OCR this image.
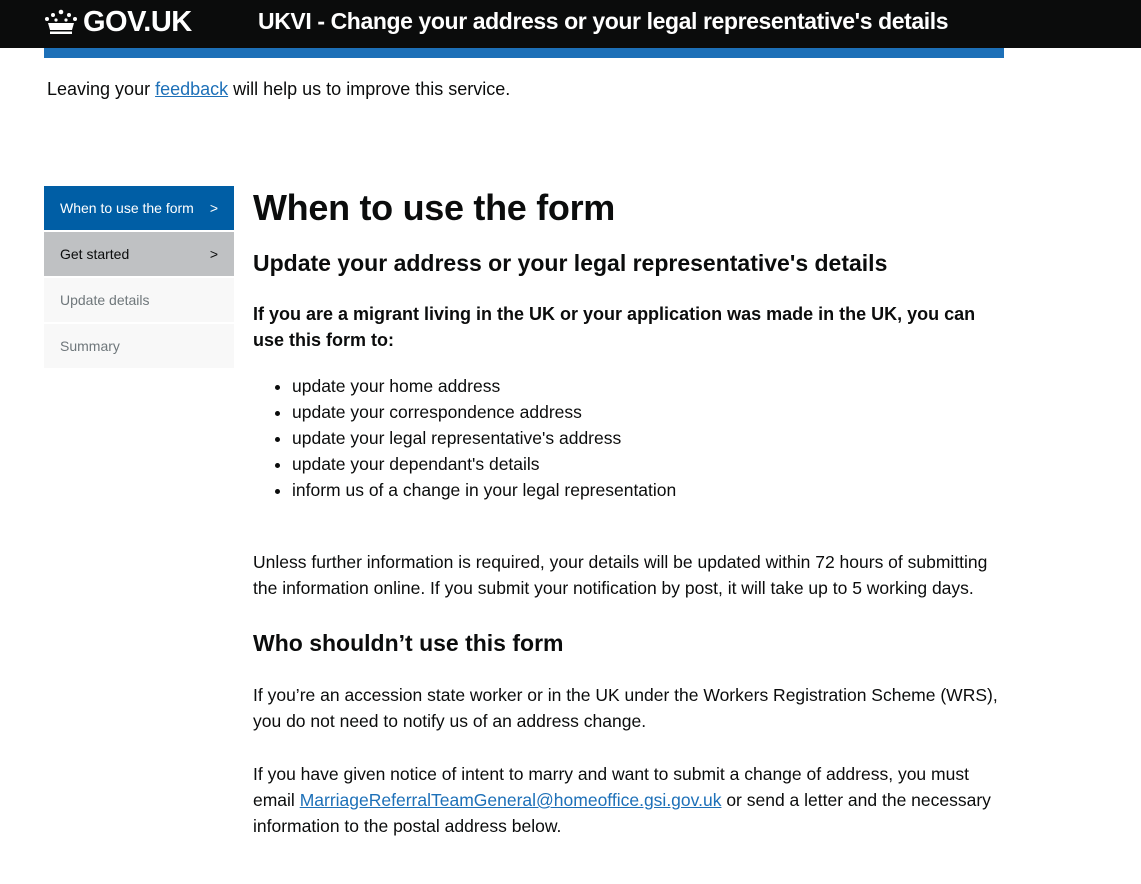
GOV.UK	UKVI - Change your address or your legal representative's details
Leaving your feedback will help us to improve this service.
When to use the form >
Get started	>
Update details
Summary
When to use the form
Update your address or your legal representative's details

If you are a migrant living in the UK or your application was made in the UK, you can use this form to:

• update your home address
• update your correspondence address
• update your legal representative's address
• update your dependant's details
• inform us of a change in your legal representation

Unless further information is required, your details will be updated within 72 hours of submitting the information online. If you submit your notification by post, it will take up to 5 working days.

Who shouldn’t use this form

If you’re an accession state worker or in the UK under the Workers Registration Scheme (WRS), you do not need to notify us of an address change.

If you have given notice of intent to marry and want to submit a change of address, you must email MarriageReferralTeamGeneral@homeoffice.gsi.gov.uk or send a letter and the necessary information to the postal address below.
